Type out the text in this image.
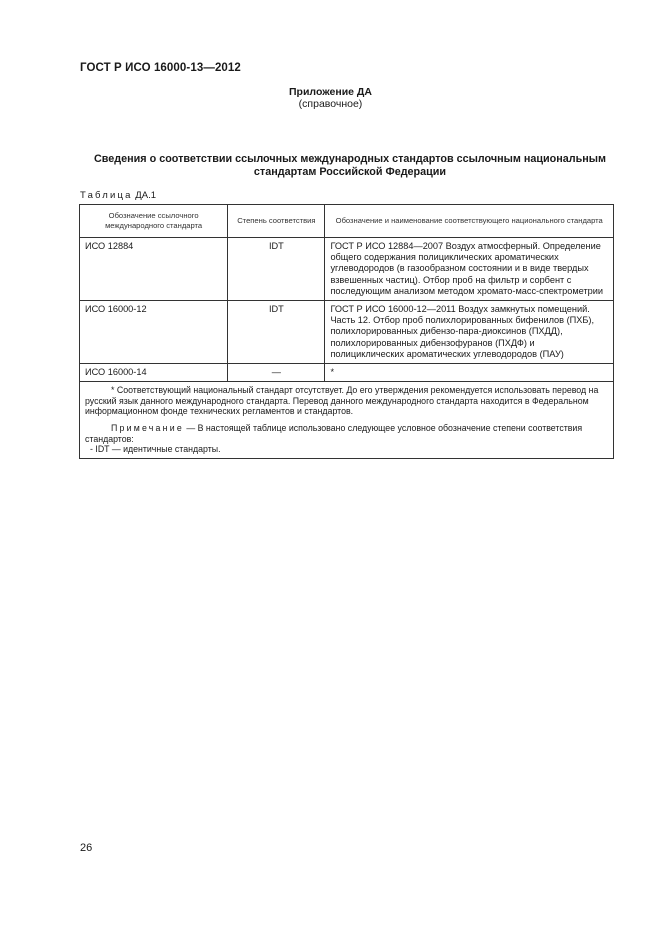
ГОСТ Р ИСО 16000-13—2012
Приложение ДА
(справочное)
Сведения о соответствии ссылочных международных стандартов ссылочным национальным стандартам Российской Федерации
Таблица ДА.1
Обозначение ссылочного международного стандарта	Степень соответствия	Обозначение и наименование соответствующего национального стандарта
ИСО 12884	IDT	ГОСТ Р ИСО 12884—2007 Воздух атмосферный. Определение общего содержания полициклических ароматических углеводородов (в газообразном состоянии и в виде твердых взвешенных частиц). Отбор проб на фильтр и сорбент с последующим анализом методом хромато-масс-спектрометрии
ИСО 16000-12	IDT	ГОСТ Р ИСО 16000-12—2011 Воздух замкнутых помещений. Часть 12. Отбор проб полихлорированных бифенилов (ПХБ), полихлорированных дибензо-пара-диоксинов (ПХДД), полихлорированных дибензофуранов (ПХДФ) и полициклических ароматических углеводородов (ПАУ)
ИСО 16000-14	—	*

* Соответствующий национальный стандарт отсутствует. До его утверждения рекомендуется использовать перевод на русский язык данного международного стандарта. Перевод данного международного стандарта находится в Федеральном информационном фонде технических регламентов и стандартов.

Примечание — В настоящей таблице использовано следующее условное обозначение степени соответствия стандартов:

- IDT — идентичные стандарты.		

26
